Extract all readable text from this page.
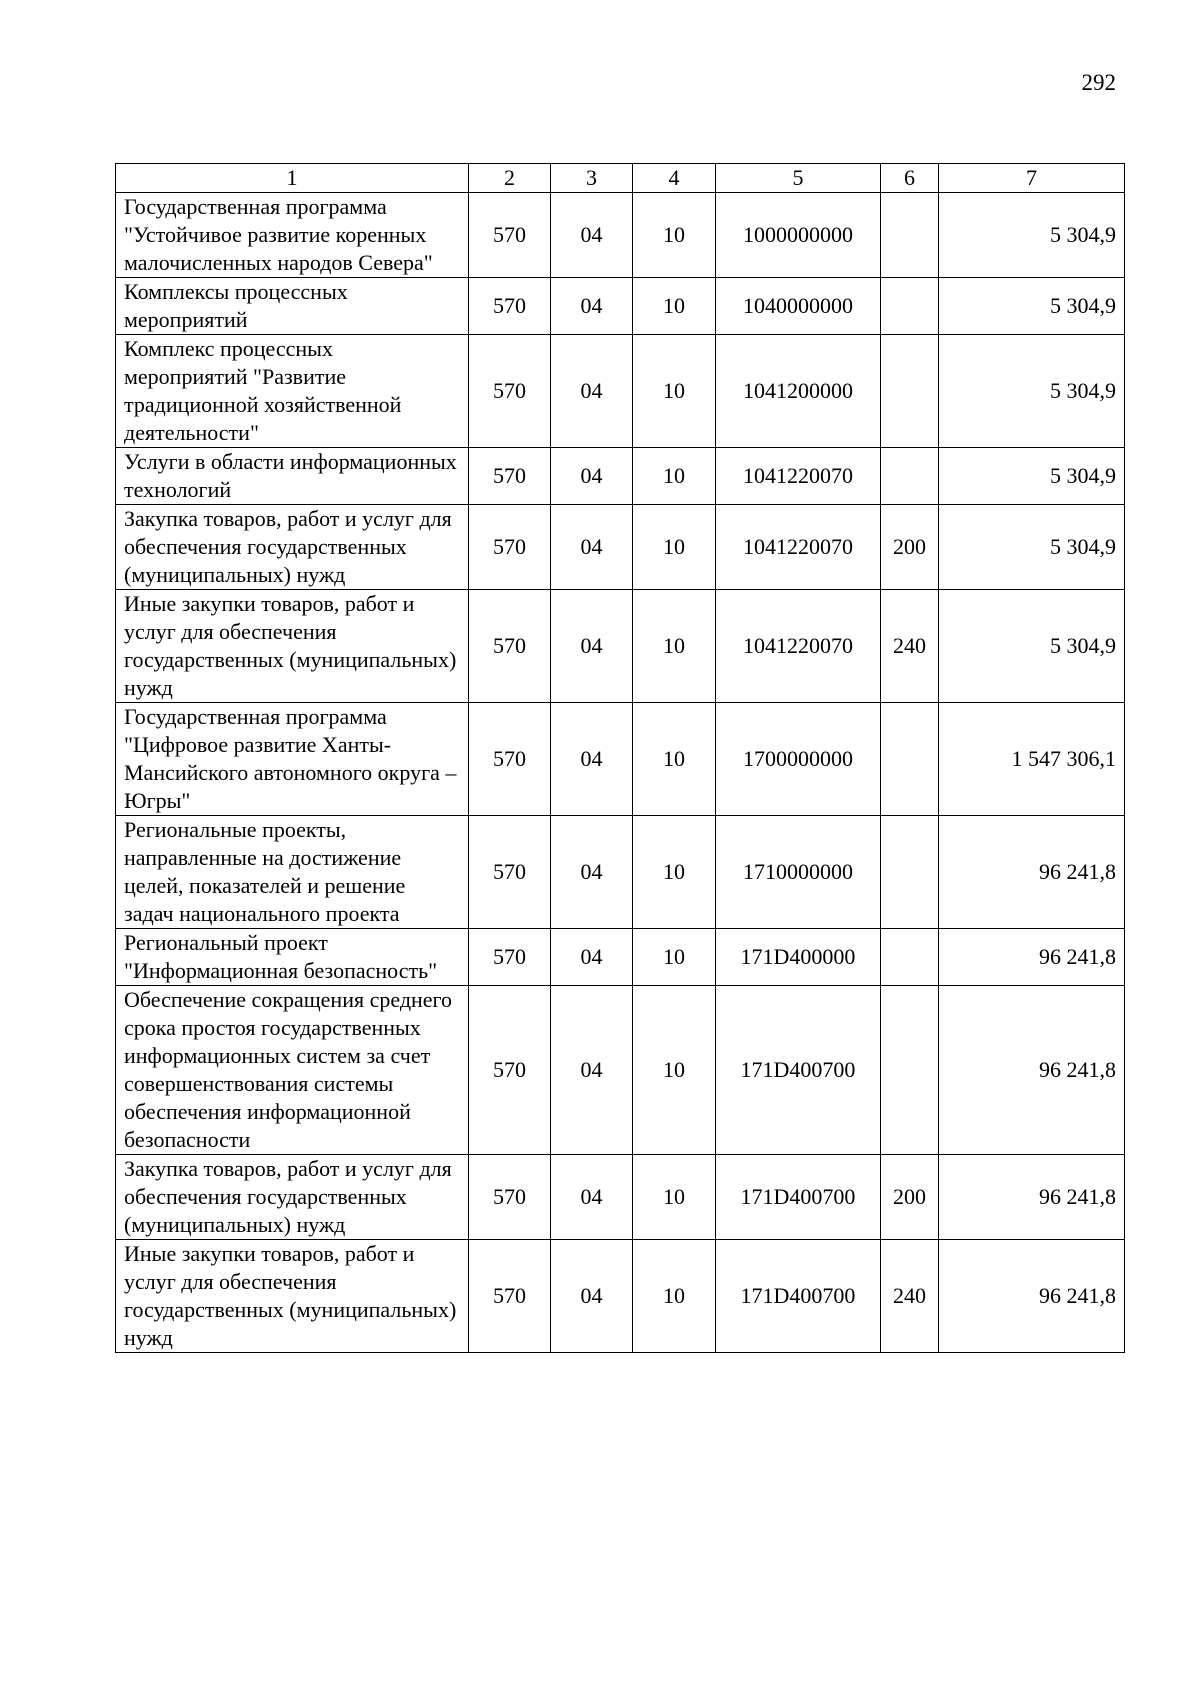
292
1	2	3	4	5	6	7
Государственная программа "Устойчивое развитие коренных малочисленных народов Севера"	570	04	10	1000000000		5 304,9
Комплексы процессных мероприятий	570	04	10	1040000000		5 304,9
Комплекс процессных мероприятий "Развитие традиционной хозяйственной деятельности"	570	04	10	1041200000		5 304,9
Услуги в области информационных технологий	570	04	10	1041220070		5 304,9
Закупка товаров, работ и услуг для обеспечения государственных (муниципальных) нужд	570	04	10	1041220070	200	5 304,9
Иные закупки товаров, работ и услуг для обеспечения государственных (муниципальных) нужд	570	04	10	1041220070	240	5 304,9
Государственная программа "Цифровое развитие Ханты-Мансийского автономного округа – Югры"	570	04	10	1700000000		1 547 306,1
Региональные проекты, направленные на достижение целей, показателей и решение задач национального проекта	570	04	10	1710000000		96 241,8
Региональный проект "Информационная безопасность"	570	04	10	171D400000		96 241,8
Обеспечение сокращения среднего срока простоя государственных информационных систем за счет совершенствования системы обеспечения информационной безопасности	570	04	10	171D400700		96 241,8
Закупка товаров, работ и услуг для обеспечения государственных (муниципальных) нужд	570	04	10	171D400700	200	96 241,8
Иные закупки товаров, работ и услуг для обеспечения государственных (муниципальных) нужд	570	04	10	171D400700	240	96 241,8
